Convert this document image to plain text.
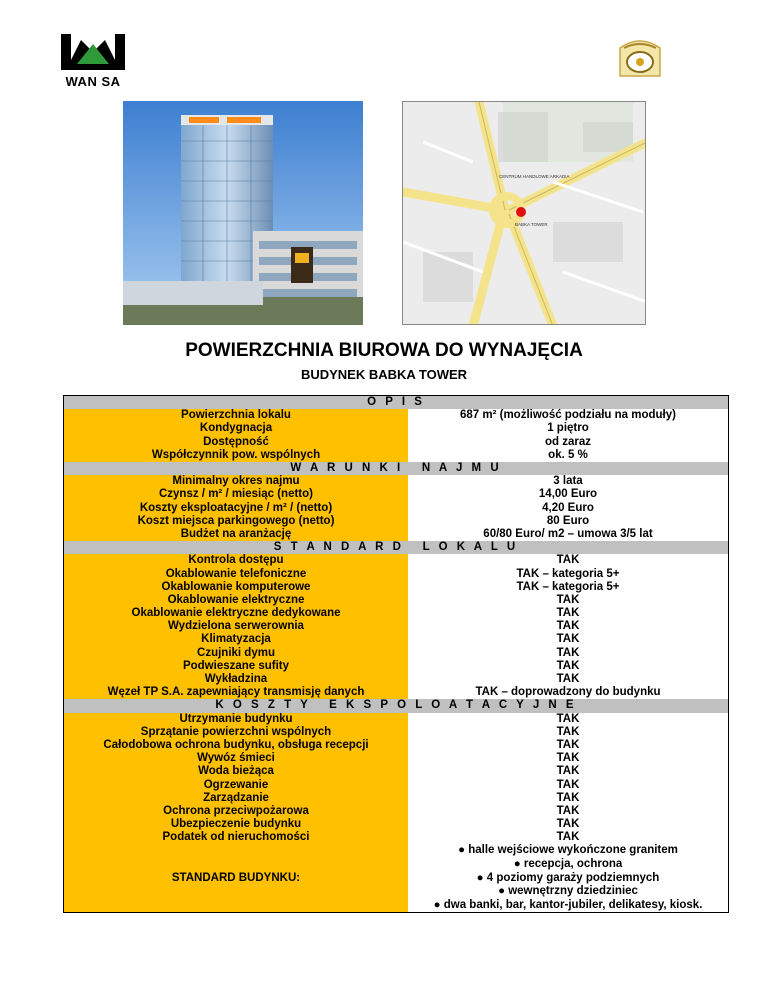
WAN SA
CENTRUM HANDLOWE ARKADIA
BABKA TOWER
POWIERZCHNIA BIUROWA DO WYNAJĘCIA
BUDYNEK BABKA TOWER
O P I S	
Powierzchnia lokalu	687 m² (możliwość podziału na moduły)
Kondygnacja	1 piętro
Dostępność	od zaraz
Współczynnik pow. wspólnych	ok. 5 %
W A R U N K I   N A J M U	
Minimalny okres najmu	3 lata
Czynsz / m² / miesiąc (netto)	14,00 Euro
Koszty eksploatacyjne / m² / (netto)	4,20 Euro
Koszt miejsca parkingowego (netto)	80 Euro
Budżet na aranżację	60/80 Euro/ m2 – umowa 3/5 lat
S T A N D A R D   L O K A L U	
Kontrola dostępu	TAK
Okablowanie telefoniczne	TAK – kategoria 5+
Okablowanie komputerowe	TAK – kategoria 5+
Okablowanie elektryczne	TAK
Okablowanie elektryczne dedykowane	TAK
Wydzielona serwerownia	TAK
Klimatyzacja	TAK
Czujniki dymu	TAK
Podwieszane sufity	TAK
Wykładzina	TAK
Węzeł TP S.A. zapewniający transmisję danych	TAK – doprowadzony do budynku
K O S Z T Y   E K S P O L O A T A C Y J N E	
Utrzymanie budynku	TAK
Sprzątanie powierzchni wspólnych	TAK
Całodobowa ochrona budynku, obsługa recepcji	TAK
Wywóz śmieci	TAK
Woda bieżąca	TAK
Ogrzewanie	TAK
Zarządzanie	TAK
Ochrona przeciwpożarowa	TAK
Ubezpieczenie budynku	TAK
Podatek od nieruchomości	TAK
STANDARD BUDYNKU:	● halle wejściowe wykończone granitem
● recepcja, ochrona
● 4 poziomy garaży podziemnych
● wewnętrzny dziedziniec
● dwa banki, bar, kantor-jubiler, delikatesy, kiosk.
